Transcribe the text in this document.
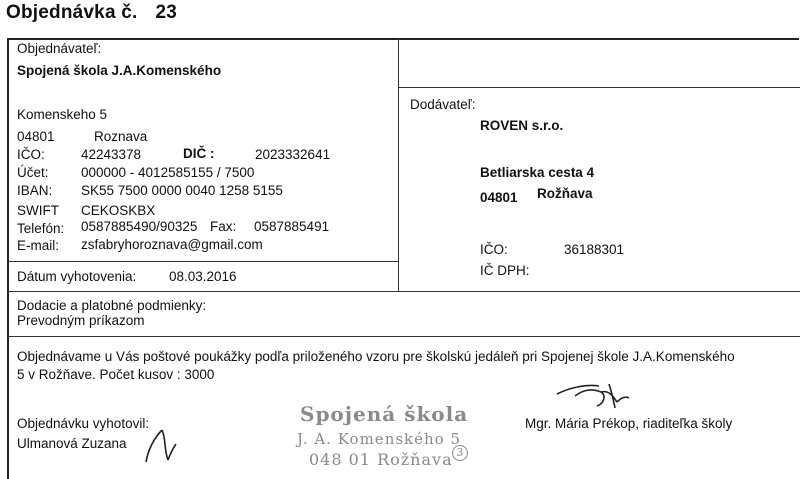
Objednávka č. 23
Objednávateľ:
Spojená škola J.A.Komenského
Komenskeho 5
04801	Roznava
IČO:	42243378	DIČ :	2023332641
Účet: 000000 - 4012585155 / 7500
IBAN: SK55 7500 0000 0040 1258 5155
SWIFT CEKOSKBX
Telefón: 0587885490/90325 Fax: 0587885491
E-mail: zsfabryhoroznava@gmail.com
Dátum vyhotovenia: 08.03.2016
Dodávateľ:
ROVEN s.r.o.
Betliarska cesta 4
04801 Rožňava
IČO:	36188301
IČ DPH:
Dodacie a platobné podmienky:
Prevodným príkazom
Objednávame u Vás poštové poukážky podľa priloženého vzoru pre školskú jedáleň pri Spojenej škole J.A.Komenského
5 v Rožňave. Počet kusov : 3000
Objednávku vyhotovil:
Ulmanová Zuzana
Mgr. Mária Prékop, riaditeľka školy
Spojená škola
J. A. Komenského 5
048 01 Rožňava 3
